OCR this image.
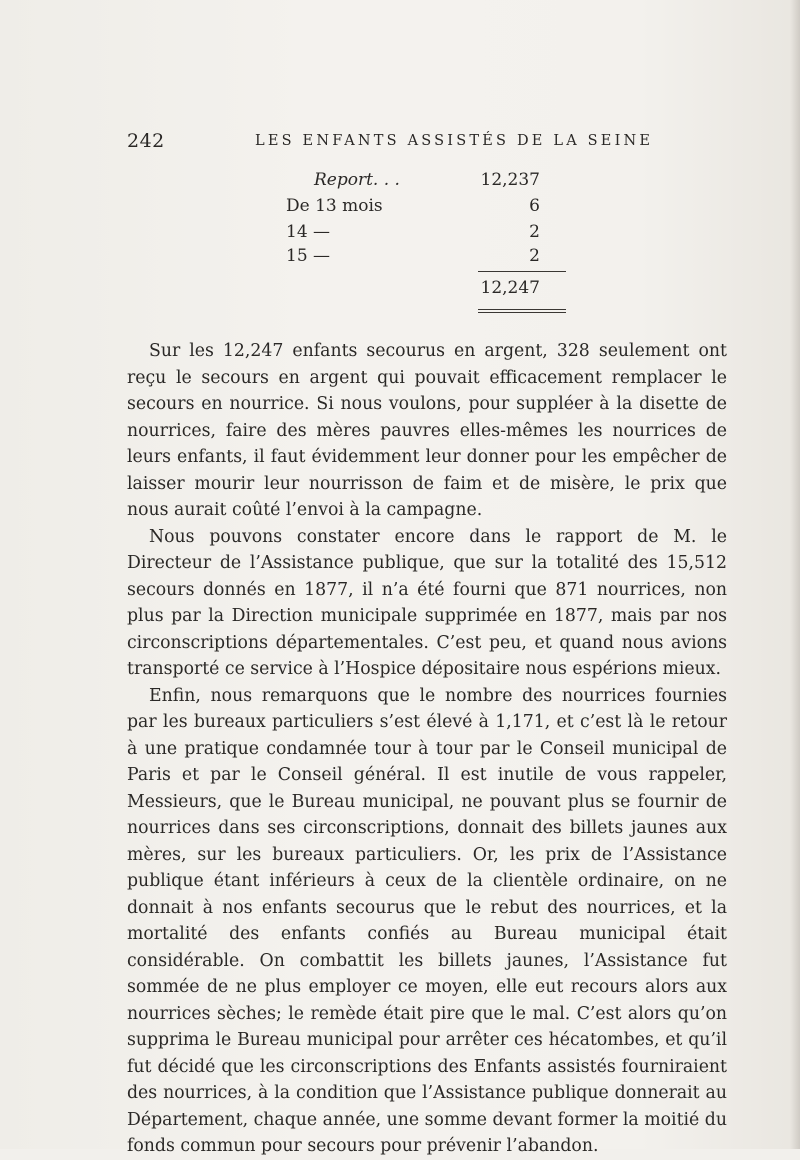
242	LES ENFANTS ASSISTÉS DE LA SEINE
Report. . .	12,237
De 13 mois	6
14 —	2
15 —	2
12,247

Sur les 12,247 enfants secourus en argent, 328 seulement ont reçu le secours en argent qui pouvait efficacement remplacer le secours en nourrice. Si nous voulons, pour suppléer à la disette de nourrices, faire des mères pauvres elles-mêmes les nourrices de leurs enfants, il faut évidemment leur donner pour les empêcher de laisser mourir leur nourrisson de faim et de misère, le prix que nous aurait coûté l’envoi à la campagne.

Nous pouvons constater encore dans le rapport de M. le Directeur de l’Assistance publique, que sur la totalité des 15,512 secours donnés en 1877, il n’a été fourni que 871 nourrices, non plus par la Direction municipale supprimée en 1877, mais par nos circonscriptions départementales. C’est peu, et quand nous avions transporté ce service à l’Hospice dépositaire nous espérions mieux.

Enfin, nous remarquons que le nombre des nourrices fournies par les bureaux particuliers s’est élevé à 1,171, et c’est là le retour à une pratique condamnée tour à tour par le Conseil municipal de Paris et par le Conseil général. Il est inutile de vous rappeler, Messieurs, que le Bureau municipal, ne pouvant plus se fournir de nourrices dans ses circonscriptions, donnait des billets jaunes aux mères, sur les bureaux particuliers. Or, les prix de l’Assistance publique étant inférieurs à ceux de la clientèle ordinaire, on ne donnait à nos enfants secourus que le rebut des nourrices, et la mortalité des enfants confiés au Bureau municipal était considérable. On combattit les billets jaunes, l’Assistance fut sommée de ne plus employer ce moyen, elle eut recours alors aux nourrices sèches; le remède était pire que le mal. C’est alors qu’on supprima le Bureau municipal pour arrêter ces hécatombes, et qu’il fut décidé que les circonscriptions des Enfants assistés fourniraient des nourrices, à la condition que l’Assistance publique donnerait au Département, chaque année, une somme devant former la moitié du fonds commun pour secours pour prévenir l’abandon.
